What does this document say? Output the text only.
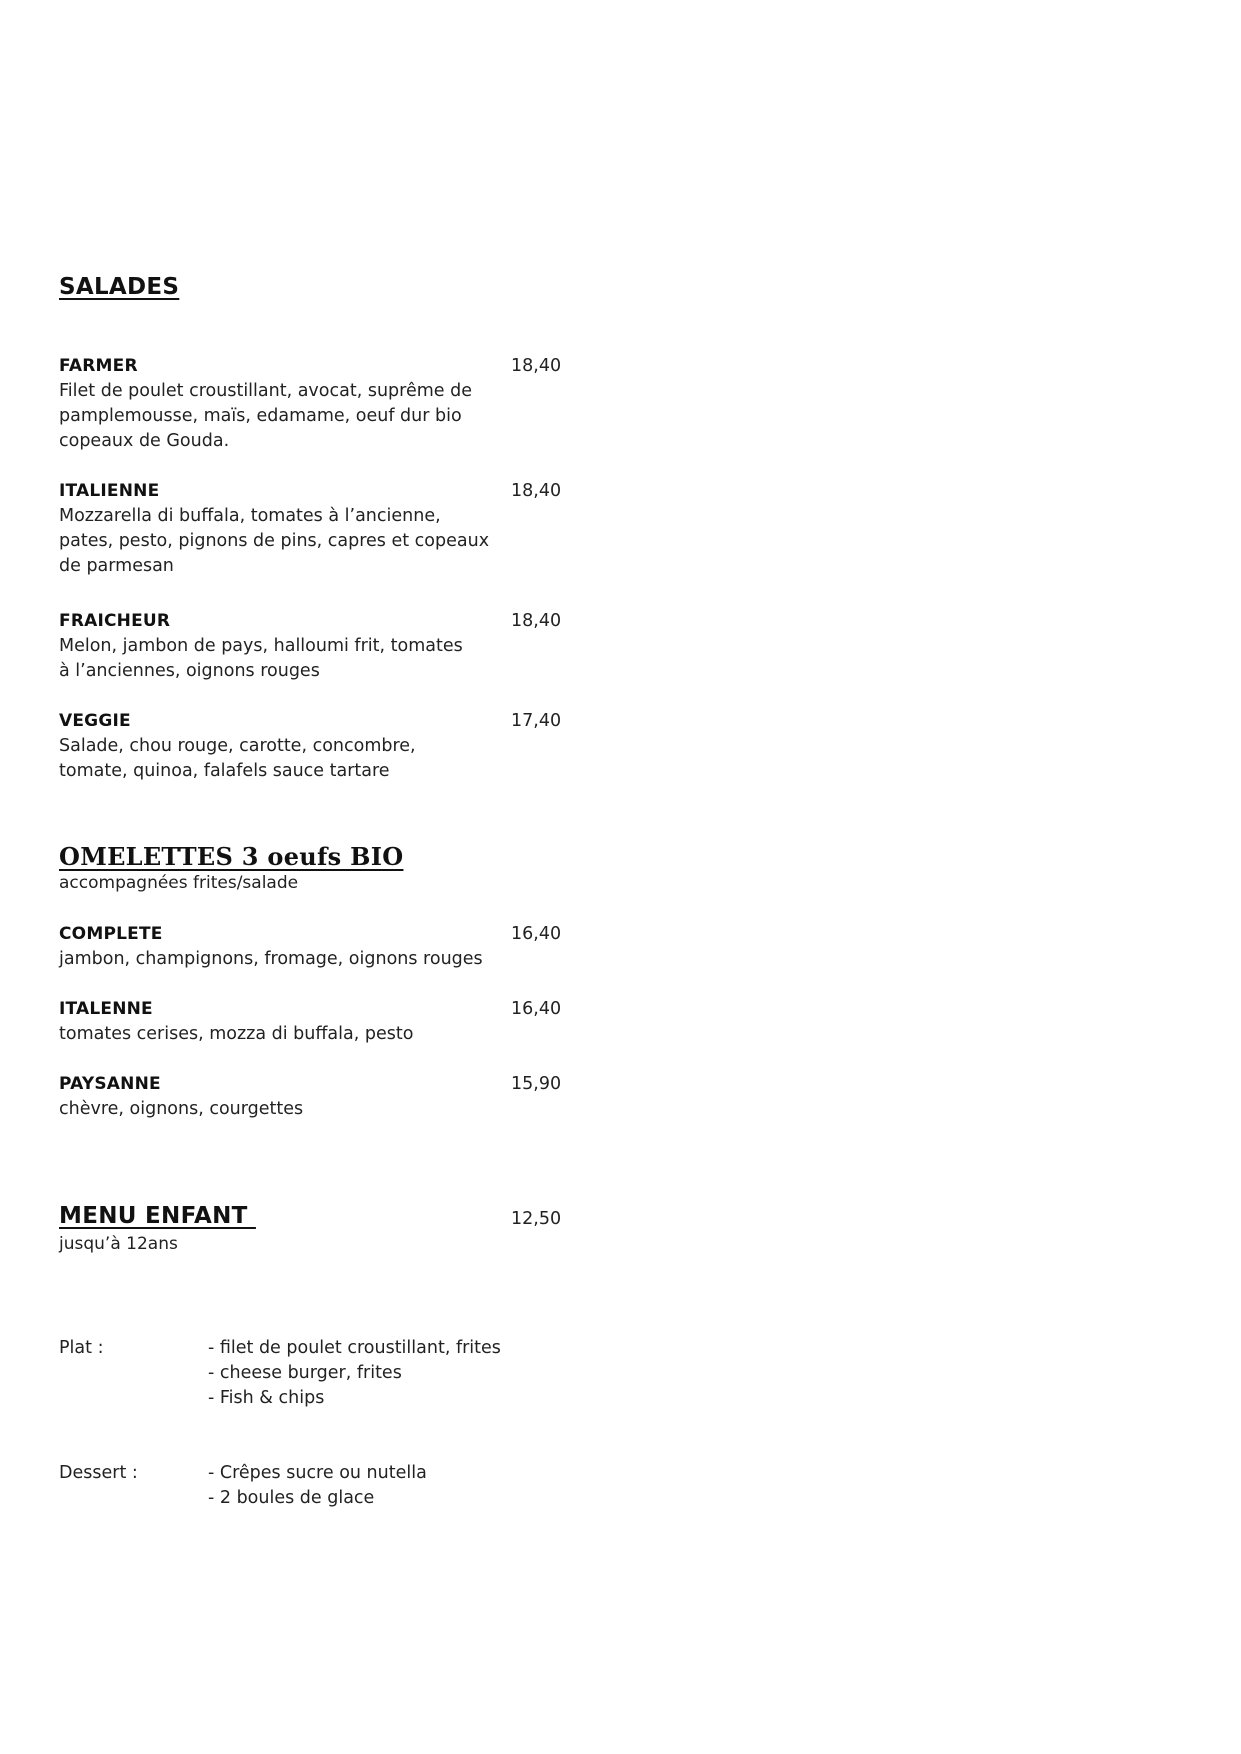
SALADES
FARMER
Filet de poulet croustillant, avocat, suprême de
pamplemousse, maïs, edamame, oeuf dur bio
copeaux de Gouda.
18,40
ITALIENNE
Mozzarella di buffala, tomates à l’ancienne,
pates, pesto, pignons de pins, capres et copeaux
de parmesan
18,40
FRAICHEUR
Melon, jambon de pays, halloumi frit, tomates
à l’anciennes, oignons rouges
18,40
VEGGIE
Salade, chou rouge, carotte, concombre,
tomate, quinoa, falafels sauce tartare
17,40
OMELETTES 3 oeufs BIO
accompagnées frites/salade
COMPLETE
jambon, champignons, fromage, oignons rouges
16,40
ITALENNE
tomates cerises, mozza di buffala, pesto
16,40
PAYSANNE
chèvre, oignons, courgettes
15,90
MENU ENFANT	12,50
jusqu’à 12ans
Plat :	- filet de poulet croustillant, frites
- cheese burger, frites
- Fish & chips
Dessert :	- Crêpes sucre ou nutella
- 2 boules de glace
